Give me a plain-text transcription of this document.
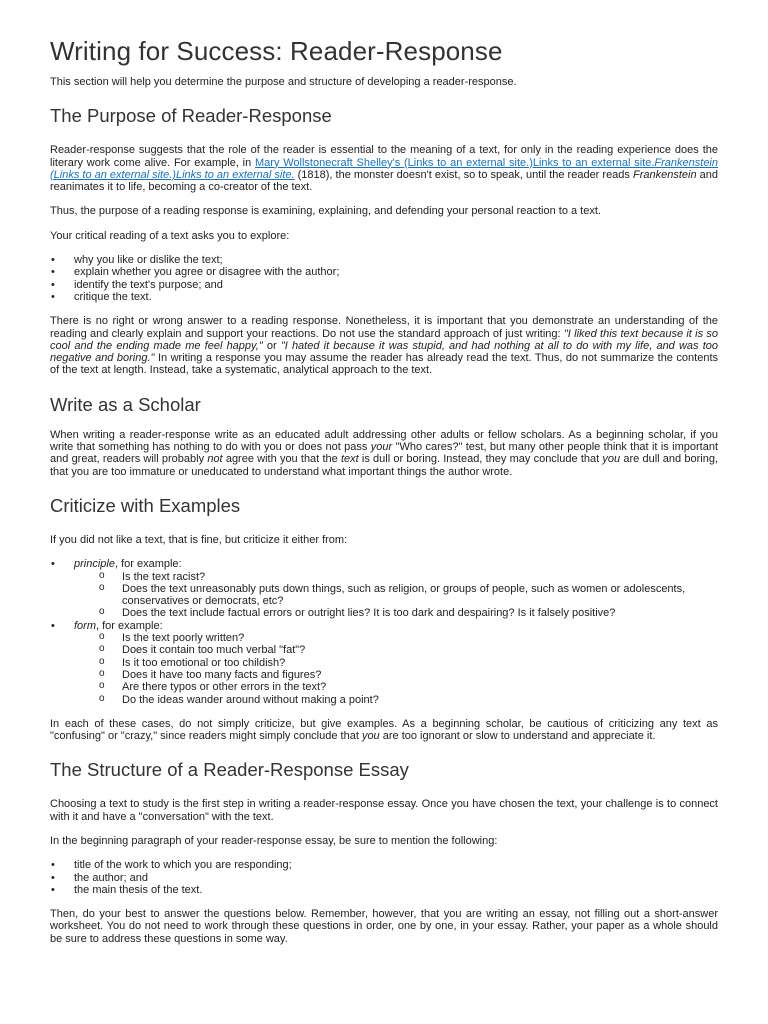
Writing for Success: Reader-Response

This section will help you determine the purpose and structure of developing a reader-response.

The Purpose of Reader-Response

Reader-response suggests that the role of the reader is essential to the meaning of a text, for only in the reading experience does the literary work come alive. For example, in Mary Wollstonecraft Shelley's (Links to an external site.)Links to an external site.Frankenstein (Links to an external site.)Links to an external site. (1818), the monster doesn't exist, so to speak, until the reader reads Frankenstein and reanimates it to life, becoming a co-creator of the text.

Thus, the purpose of a reading response is examining, explaining, and defending your personal reaction to a text.

Your critical reading of a text asks you to explore:

• why you like or dislike the text;
• explain whether you agree or disagree with the author;
• identify the text's purpose; and
• critique the text.

There is no right or wrong answer to a reading response. Nonetheless, it is important that you demonstrate an understanding of the reading and clearly explain and support your reactions. Do not use the standard approach of just writing: "I liked this text because it is so cool and the ending made me feel happy," or "I hated it because it was stupid, and had nothing at all to do with my life, and was too negative and boring." In writing a response you may assume the reader has already read the text. Thus, do not summarize the contents of the text at length. Instead, take a systematic, analytical approach to the text.

Write as a Scholar

When writing a reader-response write as an educated adult addressing other adults or fellow scholars. As a beginning scholar, if you write that something has nothing to do with you or does not pass your "Who cares?" test, but many other people think that it is important and great, readers will probably not agree with you that the text is dull or boring. Instead, they may conclude that you are dull and boring, that you are too immature or uneducated to understand what important things the author wrote.

Criticize with Examples

If you did not like a text, that is fine, but criticize it either from:

• principle, for example:
o Is the text racist?
o Does the text unreasonably puts down things, such as religion, or groups of people, such as women or adolescents, conservatives or democrats, etc?
o Does the text include factual errors or outright lies? It is too dark and despairing? Is it falsely positive?
• form, for example:
o Is the text poorly written?
o Does it contain too much verbal "fat"?
o Is it too emotional or too childish?
o Does it have too many facts and figures?
o Are there typos or other errors in the text?
o Do the ideas wander around without making a point?

In each of these cases, do not simply criticize, but give examples. As a beginning scholar, be cautious of criticizing any text as "confusing" or "crazy," since readers might simply conclude that you are too ignorant or slow to understand and appreciate it.

The Structure of a Reader-Response Essay

Choosing a text to study is the first step in writing a reader-response essay. Once you have chosen the text, your challenge is to connect with it and have a "conversation" with the text.

In the beginning paragraph of your reader-response essay, be sure to mention the following:

• title of the work to which you are responding;
• the author; and
• the main thesis of the text.

Then, do your best to answer the questions below. Remember, however, that you are writing an essay, not filling out a short-answer worksheet. You do not need to work through these questions in order, one by one, in your essay. Rather, your paper as a whole should be sure to address these questions in some way.
